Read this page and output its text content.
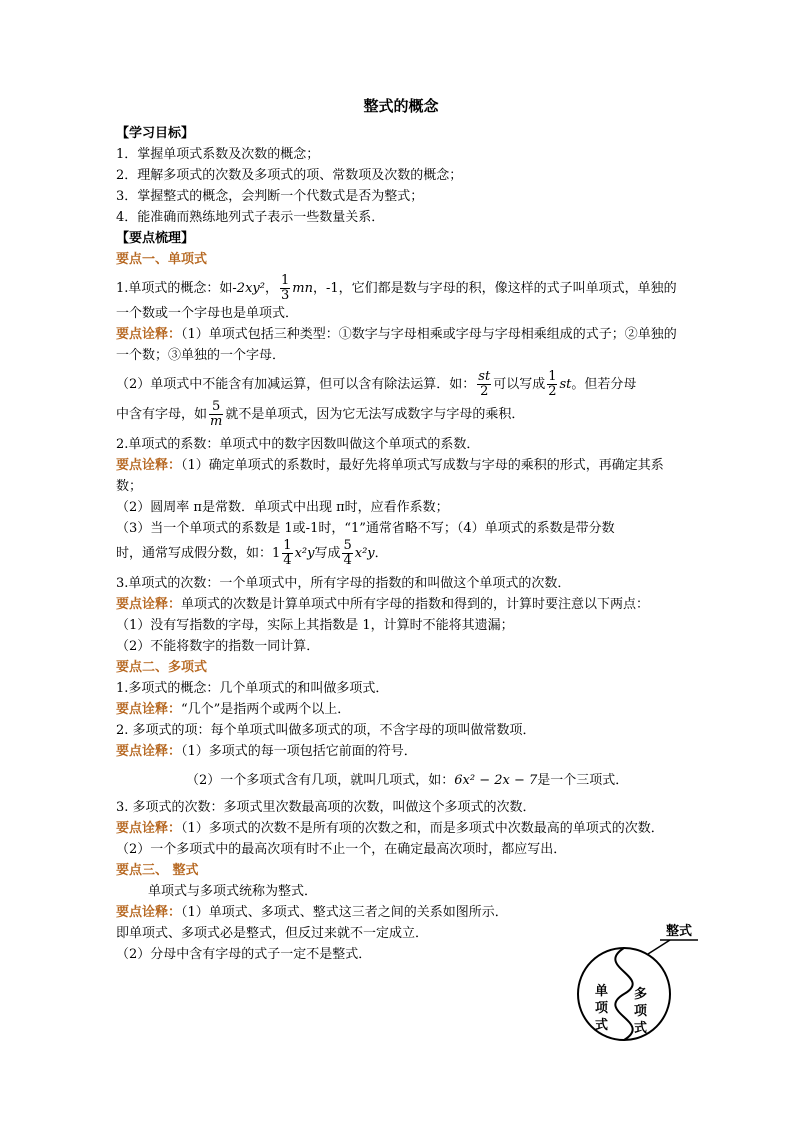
整式的概念

【学习目标】

1．掌握单项式系数及次数的概念；

2．理解多项式的次数及多项式的项、常数项及次数的概念；

3．掌握整式的概念，会判断一个代数式是否为整式；

4．能准确而熟练地列式子表示一些数量关系．

【要点梳理】

要点一、单项式

1.单项式的概念：如-2xy²， $\frac{1}{3}$ mn，-1，它们都是数与字母的积，像这样的式子叫单项式，单独的一个数或一个字母也是单项式．

要点诠释：（1）单项式包括三种类型：①数字与字母相乘或字母与字母相乘组成的式子；②单独的一个数；③单独的一个字母．

（2）单项式中不能含有加减运算，但可以含有除法运算．如： $\frac{st}{2}$ 可以写成 $\frac{1}{2}$ st。但若分母

中含有字母，如 $\frac{5}{m}$ 就不是单项式，因为它无法写成数字与字母的乘积．

2.单项式的系数：单项式中的数字因数叫做这个单项式的系数．

要点诠释：（1）确定单项式的系数时，最好先将单项式写成数与字母的乘积的形式，再确定其系数；

（2）圆周率 π是常数．单项式中出现 π时，应看作系数；

（3）当一个单项式的系数是 1或-1时，“1”通常省略不写；（4）单项式的系数是带分数

时，通常写成假分数，如：$1 \frac{1}{4} x^2y$写成 $\frac{5}{4} x^2y$．

3.单项式的次数：一个单项式中，所有字母的指数的和叫做这个单项式的次数．

要点诠释：单项式的次数是计算单项式中所有字母的指数和得到的，计算时要注意以下两点：

（1）没有写指数的字母，实际上其指数是 1，计算时不能将其遗漏；

（2）不能将数字的指数一同计算．

要点二、多项式

1.多项式的概念：几个单项式的和叫做多项式．

要点诠释：“几个”是指两个或两个以上．

2. 多项式的项：每个单项式叫做多项式的项，不含字母的项叫做常数项．

要点诠释：（1）多项式的每一项包括它前面的符号．

（2）一个多项式含有几项，就叫几项式，如：6x² − 2x − 7是一个三项式．

3. 多项式的次数：多项式里次数最高项的次数，叫做这个多项式的次数．

要点诠释：（1）多项式的次数不是所有项的次数之和，而是多项式中次数最高的单项式的次数．

（2）一个多项式中的最高次项有时不止一个，在确定最高次项时，都应写出．

要点三、 整式

单项式与多项式统称为整式．

要点诠释：（1）单项式、多项式、整式这三者之间的关系如图所示．

即单项式、多项式必是整式，但反过来就不一定成立．

（2）分母中含有字母的式子一定不是整式．

整式
单 项 式
多 项 式
